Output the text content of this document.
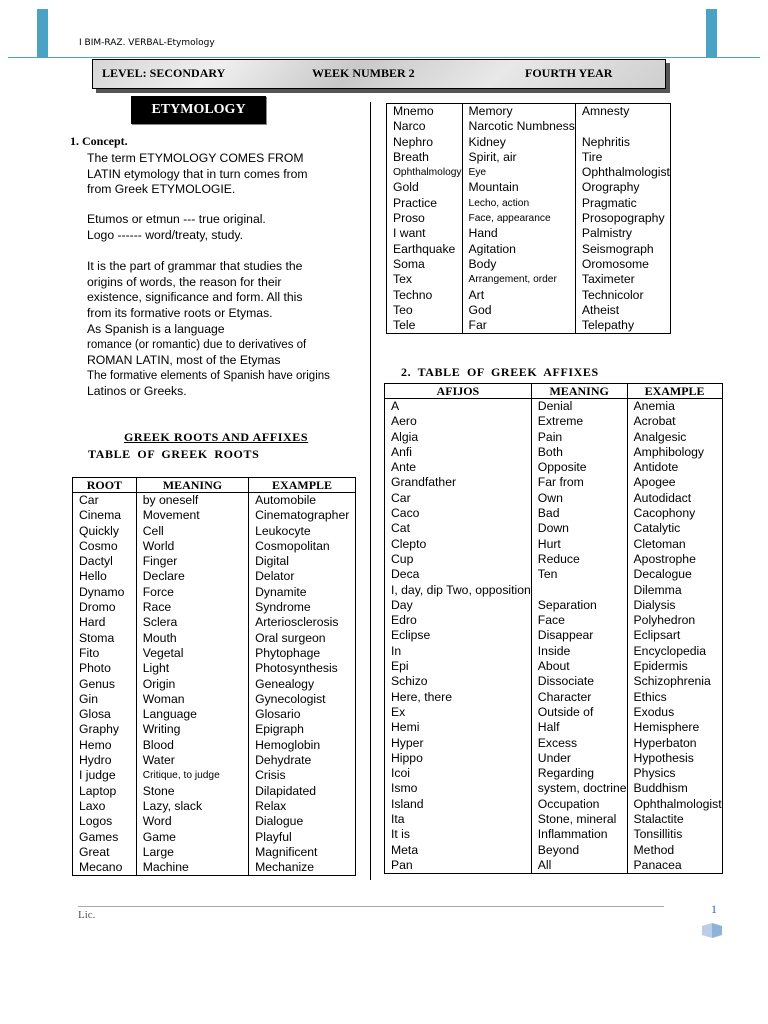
I BIM-RAZ. VERBAL-Etymology
LEVEL: SECONDARY	WEEK NUMBER 2	FOURTH YEAR
ETYMOLOGY
1. Concept.
The term ETYMOLOGY COMES FROM
LATIN etymology that in turn comes from
from Greek ETYMOLOGIE.
Etumos or etmun --- true original.
Logo ------ word/treaty, study.
It is the part of grammar that studies the
origins of words, the reason for their
existence, significance and form. All this
from its formative roots or Etymas.
As Spanish is a language
romance (or romantic) due to derivatives of
ROMAN LATIN, most of the Etymas
The formative elements of Spanish have origins
Latinos or Greeks.
GREEK ROOTS AND AFFIXES
TABLE OF GREEK ROOTS
ROOT	MEANING	EXAMPLE
Car	by oneself	Automobile
Cinema	Movement	Cinematographer
Quickly	Cell	Leukocyte
Cosmo	World	Cosmopolitan
Dactyl	Finger	Digital
Hello	Declare	Delator
Dynamo	Force	Dynamite
Dromo	Race	Syndrome
Hard	Sclera	Arteriosclerosis
Stoma	Mouth	Oral surgeon
Fito	Vegetal	Phytophage
Photo	Light	Photosynthesis
Genus	Origin	Genealogy
Gin	Woman	Gynecologist
Glosa	Language	Glosario
Graphy	Writing	Epigraph
Hemo	Blood	Hemoglobin
Hydro	Water	Dehydrate
I judge	Critique, to judge	Crisis
Laptop	Stone	Dilapidated
Laxo	Lazy, slack	Relax
Logos	Word	Dialogue
Games	Game	Playful
Great	Large	Magnificent
Mecano	Machine	Mechanize
Mnemo	Memory	Amnesty
Narco	Narcotic Numbness	
Nephro	Kidney	Nephritis
Breath	Spirit, air	Tire
Ophthalmology	Eye	Ophthalmologist
Gold	Mountain	Orography
Practice	Lecho, action	Pragmatic
Proso	Face, appearance	Prosopography
I want	Hand	Palmistry
Earthquake	Agitation	Seismograph
Soma	Body	Oromosome
Tex	Arrangement, order	Taximeter
Techno	Art	Technicolor
Teo	God	Atheist
Tele	Far	Telepathy
2. TABLE OF GREEK AFFIXES
AFIJOS	MEANING	EXAMPLE
A	Denial	Anemia
Aero	Extreme	Acrobat
Algia	Pain	Analgesic
Anfi	Both	Amphibology
Ante	Opposite	Antidote
Grandfather	Far from	Apogee
Car	Own	Autodidact
Caco	Bad	Cacophony
Cat	Down	Catalytic
Clepto	Hurt	Cletoman
Cup	Reduce	Apostrophe
Deca	Ten	Decalogue
I, day, dip Two, opposition		Dilemma
Day	Separation	Dialysis
Edro	Face	Polyhedron
Eclipse	Disappear	Eclipsart
In	Inside	Encyclopedia
Epi	About	Epidermis
Schizo	Dissociate	Schizophrenia
Here, there	Character	Ethics
Ex	Outside of	Exodus
Hemi	Half	Hemisphere
Hyper	Excess	Hyperbaton
Hippo	Under	Hypothesis
Icoi	Regarding	Physics
Ismo	system, doctrine	Buddhism
Island	Occupation	Ophthalmologist
Ita	Stone, mineral	Stalactite
It is	Inflammation	Tonsillitis
Meta	Beyond	Method
Pan	All	Panacea
Lic.	1
